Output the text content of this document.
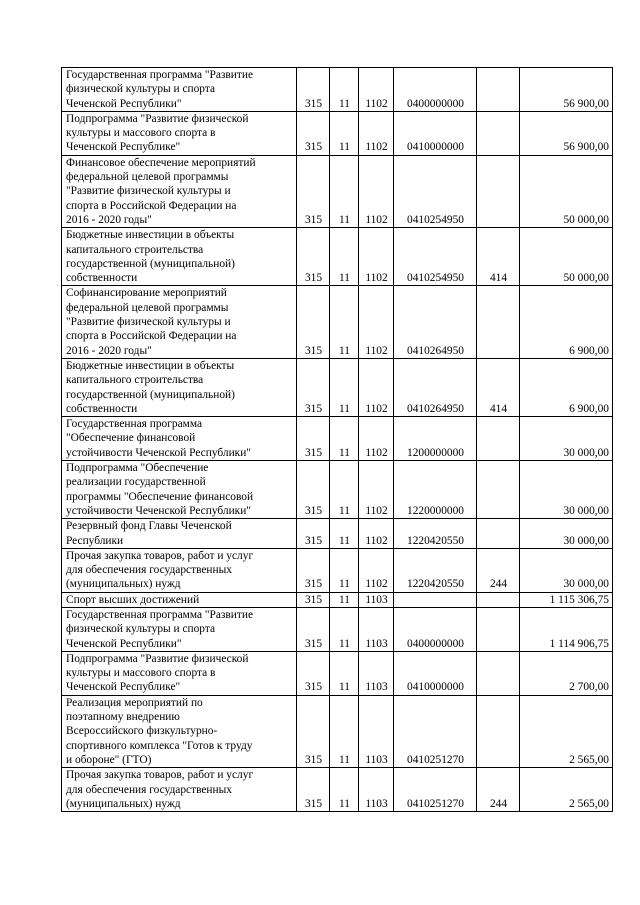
Государственная программа "Развитие
физической культуры и спорта
Чеченской Республики"	315	11	1102	0400000000		56 900,00
Подпрограмма "Развитие физической
культуры и массового спорта в
Чеченской Республике"	315	11	1102	0410000000		56 900,00
Финансовое обеспечение мероприятий
федеральной целевой программы
"Развитие физической культуры и
спорта в Российской Федерации на
2016 - 2020 годы"	315	11	1102	0410254950		50 000,00
Бюджетные инвестиции в объекты
капитального строительства
государственной (муниципальной)
собственности	315	11	1102	0410254950	414	50 000,00
Софинансирование мероприятий
федеральной целевой программы
"Развитие физической культуры и
спорта в Российской Федерации на
2016 - 2020 годы"	315	11	1102	0410264950		6 900,00
Бюджетные инвестиции в объекты
капитального строительства
государственной (муниципальной)
собственности	315	11	1102	0410264950	414	6 900,00
Государственная программа
"Обеспечение финансовой
устойчивости Чеченской Республики"	315	11	1102	1200000000		30 000,00
Подпрограмма "Обеспечение
реализации государственной
программы "Обеспечение финансовой
устойчивости Чеченской Республики"	315	11	1102	1220000000		30 000,00
Резервный фонд Главы Чеченской
Республики	315	11	1102	1220420550		30 000,00
Прочая закупка товаров, работ и услуг
для обеспечения государственных
(муниципальных) нужд	315	11	1102	1220420550	244	30 000,00
Спорт высших достижений	315	11	1103			1 115 306,75
Государственная программа "Развитие
физической культуры и спорта
Чеченской Республики"	315	11	1103	0400000000		1 114 906,75
Подпрограмма "Развитие физической
культуры и массового спорта в
Чеченской Республике"	315	11	1103	0410000000		2 700,00
Реализация мероприятий по
поэтапному внедрению
Всероссийского физкультурно-
спортивного комплекса "Готов к труду
и обороне" (ГТО)	315	11	1103	0410251270		2 565,00
Прочая закупка товаров, работ и услуг
для обеспечения государственных
(муниципальных) нужд	315	11	1103	0410251270	244	2 565,00
